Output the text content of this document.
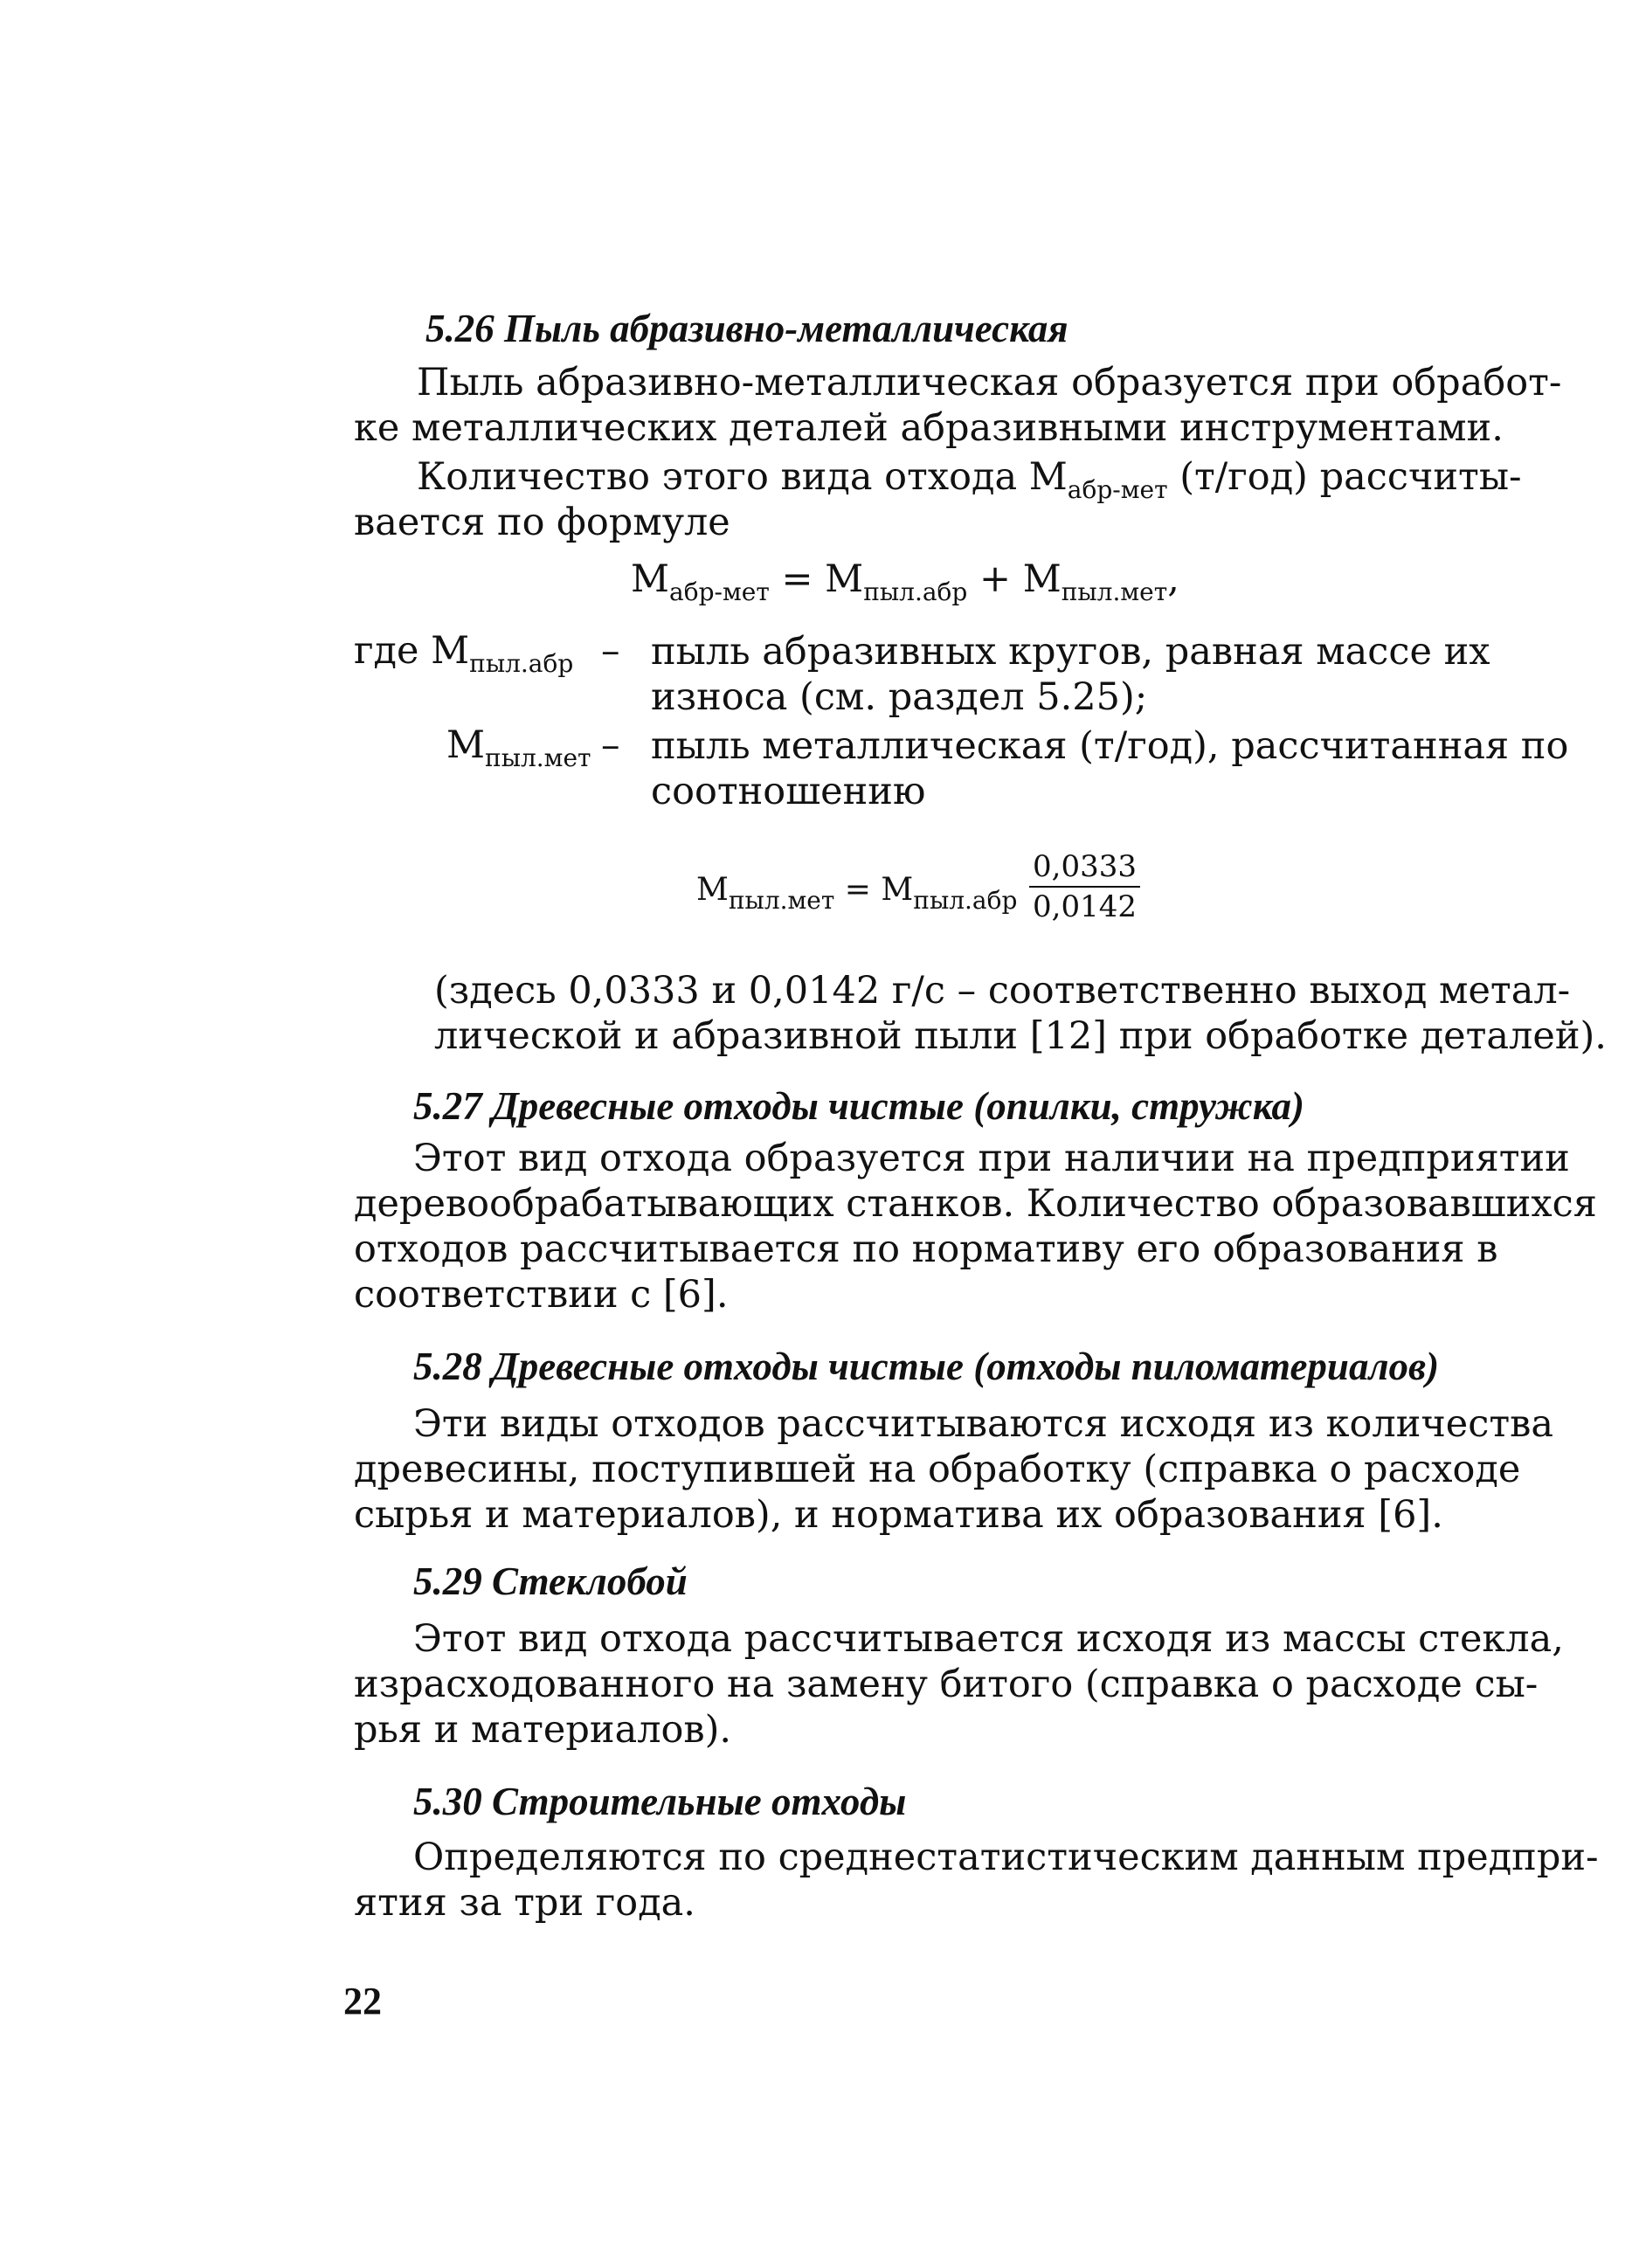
5.26 Пыль абразивно-металлическая
Пыль абразивно-металлическая образуется при обработ-
ке металлических деталей абразивными инструментами.
Количество этого вида отхода $М_{абр-мет}$ (т/год) рассчиты-
вается по формуле
$М_{абр-мет} = М_{пыл.абр} + М_{пыл.мет}$,
где $М_{пыл.абр}$ – пыль абразивных кругов, равная массе их
износа (см. раздел 5.25);
$М_{пыл.мет}$ – пыль металлическая (т/год), рассчитанная по
соотношению
$М_{пыл.мет} = М_{пыл.абр} \frac{0,0333}{0,0142}$
(здесь 0,0333 и 0,0142 г/с – соответственно выход метал-
лической и абразивной пыли [12] при обработке деталей).
5.27 Древесные отходы чистые (опилки, стружка)
Этот вид отхода образуется при наличии на предприятии
деревообрабатывающих станков. Количество образовавшихся
отходов рассчитывается по нормативу его образования в
соответствии с [6].
5.28 Древесные отходы чистые (отходы пиломатериалов)
Эти виды отходов рассчитываются исходя из количества
древесины, поступившей на обработку (справка о расходе
сырья и материалов), и норматива их образования [6].
5.29 Стеклобой
Этот вид отхода рассчитывается исходя из массы стекла,
израсходованного на замену битого (справка о расходе сы-
рья и материалов).
5.30 Строительные отходы
Определяются по среднестатистическим данным предпри-
ятия за три года.
22
